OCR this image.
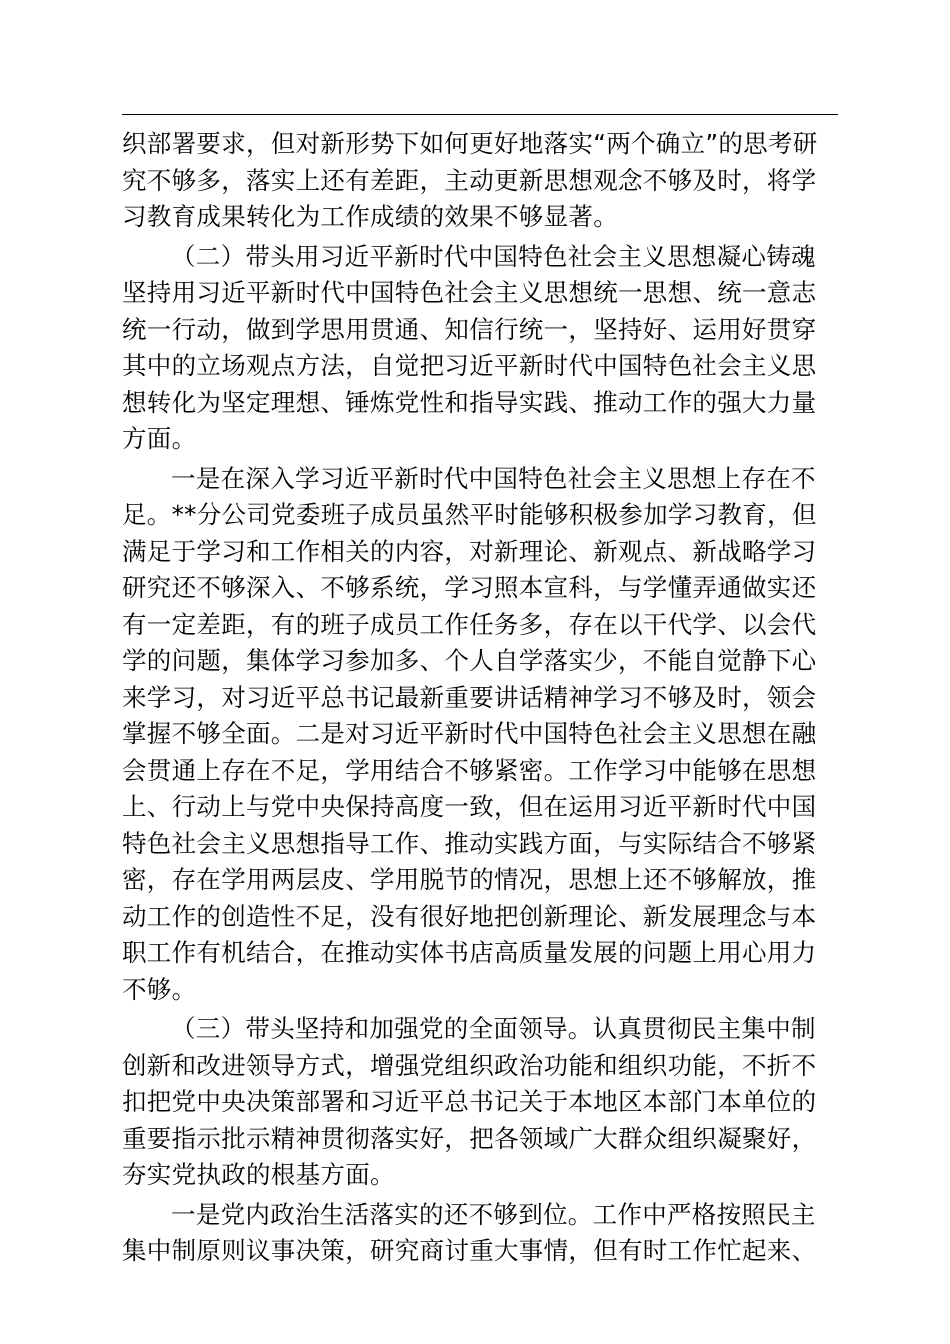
织部署要求，但对新形势下如何更好地落实“两个确立”的思考研
究不够多，落实上还有差距，主动更新思想观念不够及时，将学
习教育成果转化为工作成绩的效果不够显著。
（二）带头用习近平新时代中国特色社会主义思想凝心铸魂
坚持用习近平新时代中国特色社会主义思想统一思想、统一意志
统一行动，做到学思用贯通、知信行统一，坚持好、运用好贯穿
其中的立场观点方法，自觉把习近平新时代中国特色社会主义思
想转化为坚定理想、锤炼党性和指导实践、推动工作的强大力量
方面。
一是在深入学习近平新时代中国特色社会主义思想上存在不
足。**分公司党委班子成员虽然平时能够积极参加学习教育，但
满足于学习和工作相关的内容，对新理论、新观点、新战略学习
研究还不够深入、不够系统，学习照本宣科，与学懂弄通做实还
有一定差距，有的班子成员工作任务多，存在以干代学、以会代
学的问题，集体学习参加多、个人自学落实少，不能自觉静下心
来学习，对习近平总书记最新重要讲话精神学习不够及时，领会
掌握不够全面。二是对习近平新时代中国特色社会主义思想在融
会贯通上存在不足，学用结合不够紧密。工作学习中能够在思想
上、行动上与党中央保持高度一致，但在运用习近平新时代中国
特色社会主义思想指导工作、推动实践方面，与实际结合不够紧
密，存在学用两层皮、学用脱节的情况，思想上还不够解放，推
动工作的创造性不足，没有很好地把创新理论、新发展理念与本
职工作有机结合，在推动实体书店高质量发展的问题上用心用力
不够。
（三）带头坚持和加强党的全面领导。认真贯彻民主集中制
创新和改进领导方式，增强党组织政治功能和组织功能，不折不
扣把党中央决策部署和习近平总书记关于本地区本部门本单位的
重要指示批示精神贯彻落实好，把各领域广大群众组织凝聚好，
夯实党执政的根基方面。
一是党内政治生活落实的还不够到位。工作中严格按照民主
集中制原则议事决策，研究商讨重大事情，但有时工作忙起来、
